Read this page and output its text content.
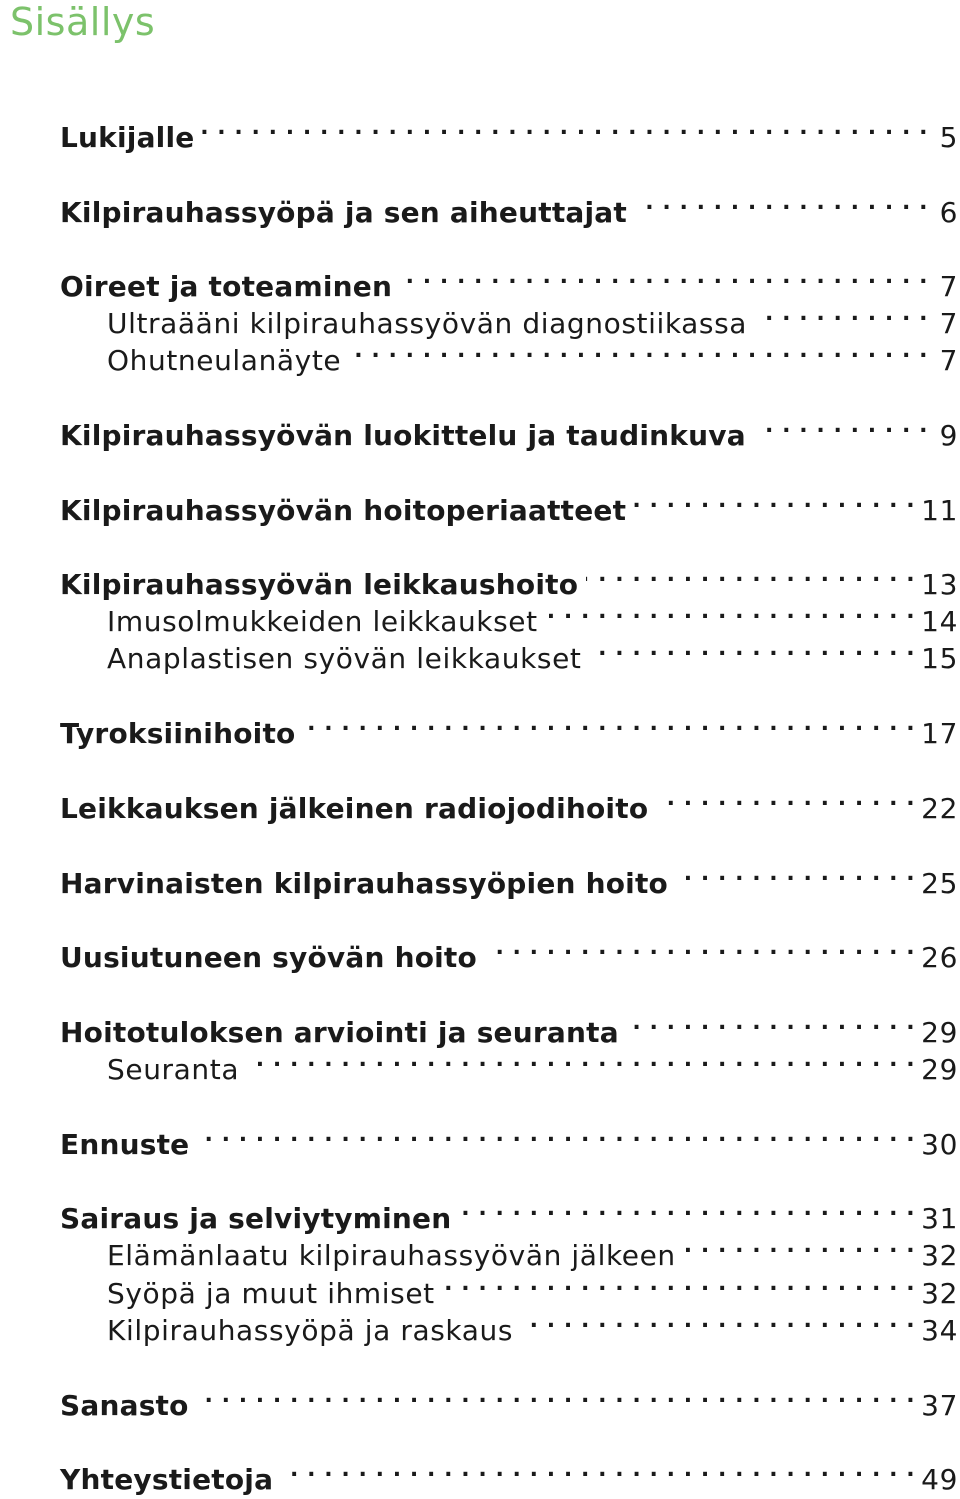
Sisällys
Lukijalle . . .	5
Kilpirauhassyöpä ja sen aiheuttajat . . .	6
Oireet ja toteaminen . . .	7
Ultraääni kilpirauhassyövän diagnostiikassa . . .	7
Ohutneulanäyte . . .	7
Kilpirauhassyövän luokittelu ja taudinkuva . . .	9
Kilpirauhassyövän hoitoperiaatteet . . .	11
Kilpirauhassyövän leikkaushoito . . .	13
Imusolmukkeiden leikkaukset . . .	14
Anaplastisen syövän leikkaukset . . .	15
Tyroksiinihoito . . .	17
Leikkauksen jälkeinen radiojodihoito . . .	22
Harvinaisten kilpirauhassyöpien hoito . . .	25
Uusiutuneen syövän hoito . . .	26
Hoitotuloksen arviointi ja seuranta . . .	29
Seuranta . . .	29
Ennuste . . .	30
Sairaus ja selviytyminen . . .	31
Elämänlaatu kilpirauhassyövän jälkeen . . .	32
Syöpä ja muut ihmiset . . .	32
Kilpirauhassyöpä ja raskaus . . .	34
Sanasto . . .	37
Yhteystietoja . . .	49
